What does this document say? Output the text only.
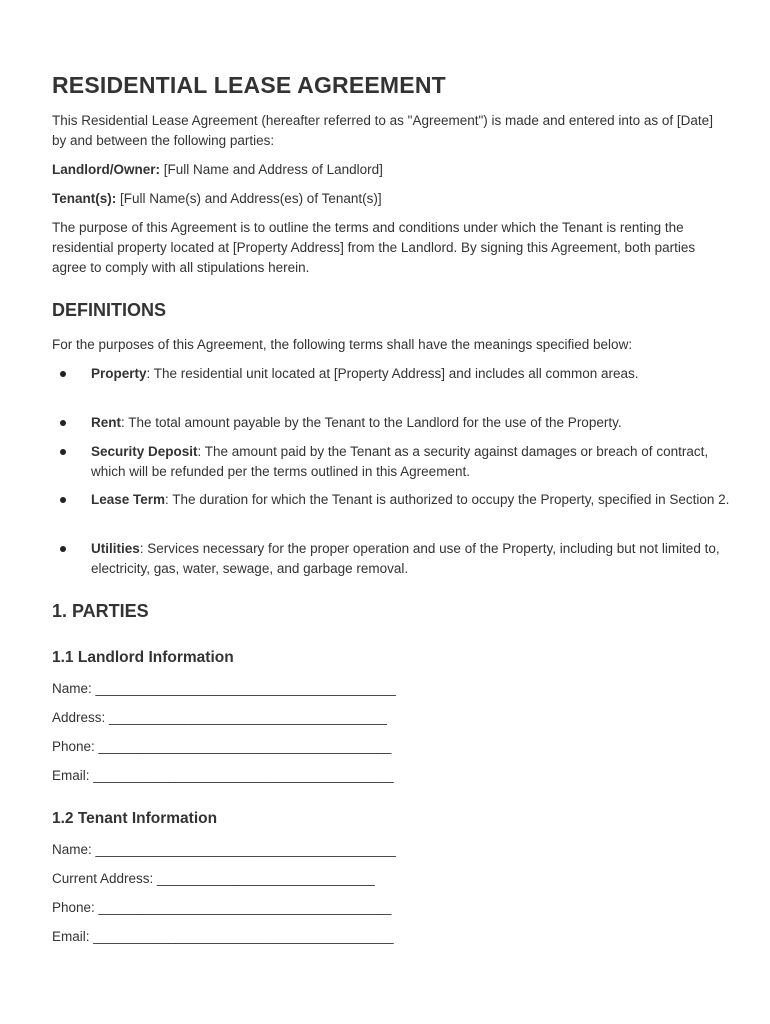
RESIDENTIAL LEASE AGREEMENT
This Residential Lease Agreement (hereafter referred to as "Agreement") is made and entered into as of [Date] by and between the following parties:
Landlord/Owner: [Full Name and Address of Landlord]
Tenant(s): [Full Name(s) and Address(es) of Tenant(s)]
The purpose of this Agreement is to outline the terms and conditions under which the Tenant is renting the residential property located at [Property Address] from the Landlord. By signing this Agreement, both parties agree to comply with all stipulations herein.
DEFINITIONS
For the purposes of this Agreement, the following terms shall have the meanings specified below:
Property: The residential unit located at [Property Address] and includes all common areas.
Rent: The total amount payable by the Tenant to the Landlord for the use of the Property.
Security Deposit: The amount paid by the Tenant as a security against damages or breach of contract, which will be refunded per the terms outlined in this Agreement.
Lease Term: The duration for which the Tenant is authorized to occupy the Property, specified in Section 2.
Utilities: Services necessary for the proper operation and use of the Property, including but not limited to, electricity, gas, water, sewage, and garbage removal.
1. PARTIES
1.1 Landlord Information
Name: ________________________________________
Address: _____________________________________
Phone: _______________________________________
Email: ________________________________________
1.2 Tenant Information
Name: ________________________________________
Current Address: _____________________________
Phone: _______________________________________
Email: ________________________________________
